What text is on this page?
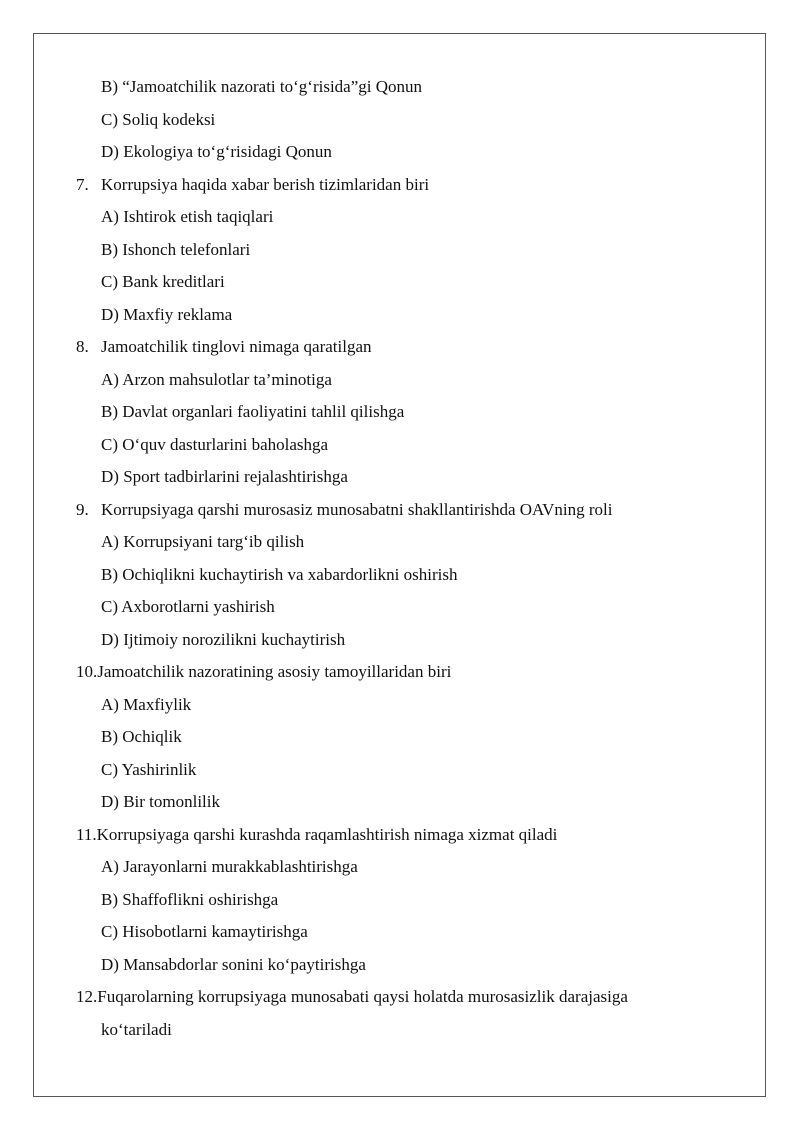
B) “Jamoatchilik nazorati to‘g‘risida”gi Qonun
C) Soliq kodeksi
D) Ekologiya to‘g‘risidagi Qonun
7. Korrupsiya haqida xabar berish tizimlaridan biri
A) Ishtirok etish taqiqlari
B) Ishonch telefonlari
C) Bank kreditlari
D) Maxfiy reklama
8. Jamoatchilik tinglovi nimaga qaratilgan
A) Arzon mahsulotlar ta’minotiga
B) Davlat organlari faoliyatini tahlil qilishga
C) O‘quv dasturlarini baholashga
D) Sport tadbirlarini rejalashtirishga
9. Korrupsiyaga qarshi murosasiz munosabatni shakllantirishda OAVning roli
A) Korrupsiyani targ‘ib qilish
B) Ochiqlikni kuchaytirish va xabardorlikni oshirish
C) Axborotlarni yashirish
D) Ijtimoiy norozilikni kuchaytirish
10.Jamoatchilik nazoratining asosiy tamoyillaridan biri
A) Maxfiylik
B) Ochiqlik
C) Yashirinlik
D) Bir tomonlilik
11.Korrupsiyaga qarshi kurashda raqamlashtirish nimaga xizmat qiladi
A) Jarayonlarni murakkablashtirishga
B) Shaffoflikni oshirishga
C) Hisobotlarni kamaytirishga
D) Mansabdorlar sonini ko‘paytirishga
12.Fuqarolarning korrupsiyaga munosabati qaysi holatda murosasizlik darajasiga
ko‘tariladi
